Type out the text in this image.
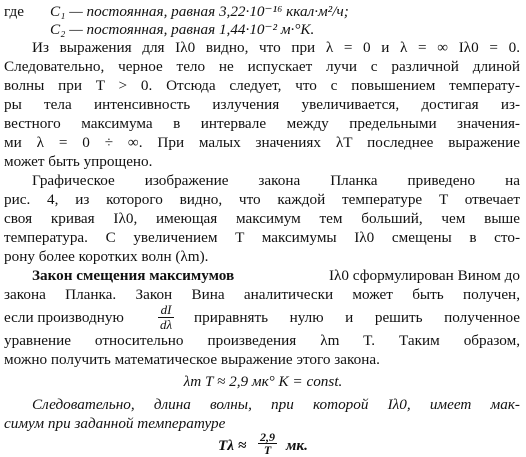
где C₁ — постоянная, равная 3,22·10⁻¹⁶ ккал·м²/ч;
C₂ — постоянная, равная 1,44·10⁻² м·°К.
Из выражения для Iλ0 видно, что при λ = 0 и λ = ∞ Iλ0 = 0.
Следовательно, черное тело не испускает лучи с различной длиной
волны при T > 0. Отсюда следует, что с повышением температу-
ры тела интенсивность излучения увеличивается, достигая из-
вестного максимума в интервале между предельными значения-
ми λ = 0 ÷ ∞. При малых значениях λT последнее выражение
может быть упрощено.
Графическое изображение закона Планка приведено на
рис. 4, из которого видно, что каждой температуре T отвечает
своя кривая Iλ0, имеющая максимум тем больший, чем выше
температура. С увеличением T максимумы Iλ0 смещены в сто-
рону более коротких волн (λm).
Закон смещения максимумов	Iλ0 сформулирован Вином до
закона Планка. Закон Вина аналитически может быть получен,
если производную	$\frac{dI}{d\lambda}$ приравнять нулю и решить полученное
уравнение относительно произведения λm T. Таким образом,
можно получить математическое выражение этого закона.
λm T ≈ 2,9 мк° К = const.
Следовательно, длина волны, при которой Iλ0, имеет мак-
симум при заданной температуре
$T\lambda \approx \frac{2,9}{T}$ мк.
